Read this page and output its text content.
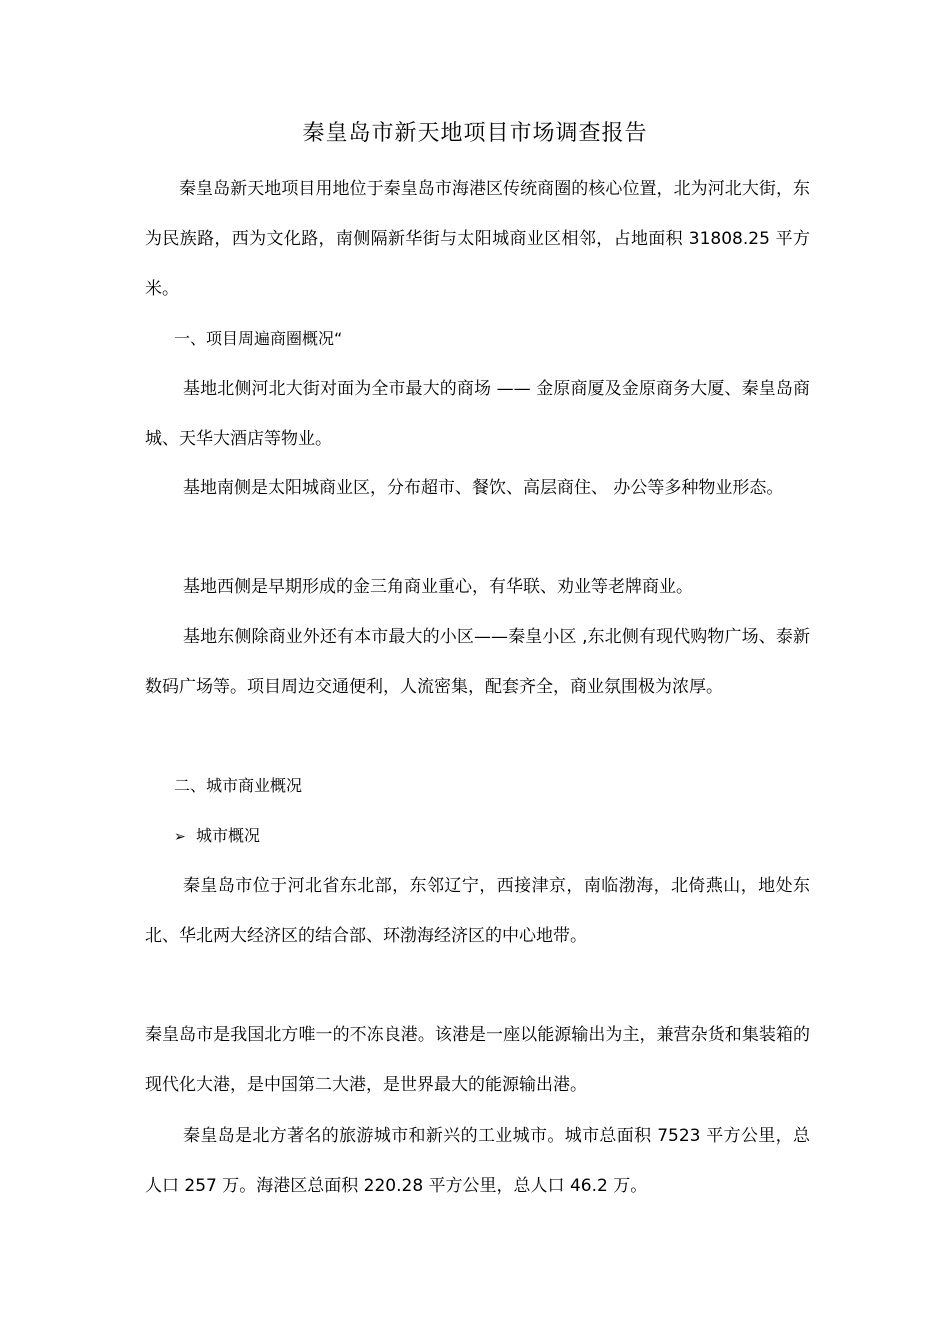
秦皇岛市新天地项目市场调查报告

秦皇岛新天地项目用地位于秦皇岛市海港区传统商圈的核心位置，北为河北大街，东为民族路，西为文化路，南侧隔新华街与太阳城商业区相邻，占地面积 31808.25 平方米。

一、项目周遍商圈概况“

基地北侧河北大街对面为全市最大的商场 —— 金原商厦及金原商务大厦、秦皇岛商城、天华大酒店等物业。

基地南侧是太阳城商业区，分布超市、餐饮、高层商住、 办公等多种物业形态。

基地西侧是早期形成的金三角商业重心，有华联、劝业等老牌商业。

基地东侧除商业外还有本市最大的小区——秦皇小区 ,东北侧有现代购物广场、泰新数码广场等。项目周边交通便利，人流密集，配套齐全，商业氛围极为浓厚。

二、城市商业概况

➢ 城市概况

秦皇岛市位于河北省东北部，东邻辽宁，西接津京，南临渤海，北倚燕山，地处东北、华北两大经济区的结合部、环渤海经济区的中心地带。

秦皇岛市是我国北方唯一的不冻良港。该港是一座以能源输出为主，兼营杂货和集装箱的现代化大港，是中国第二大港，是世界最大的能源输出港。

秦皇岛是北方著名的旅游城市和新兴的工业城市。城市总面积 7523 平方公里，总人口 257 万。海港区总面积 220.28 平方公里，总人口 46.2 万。
